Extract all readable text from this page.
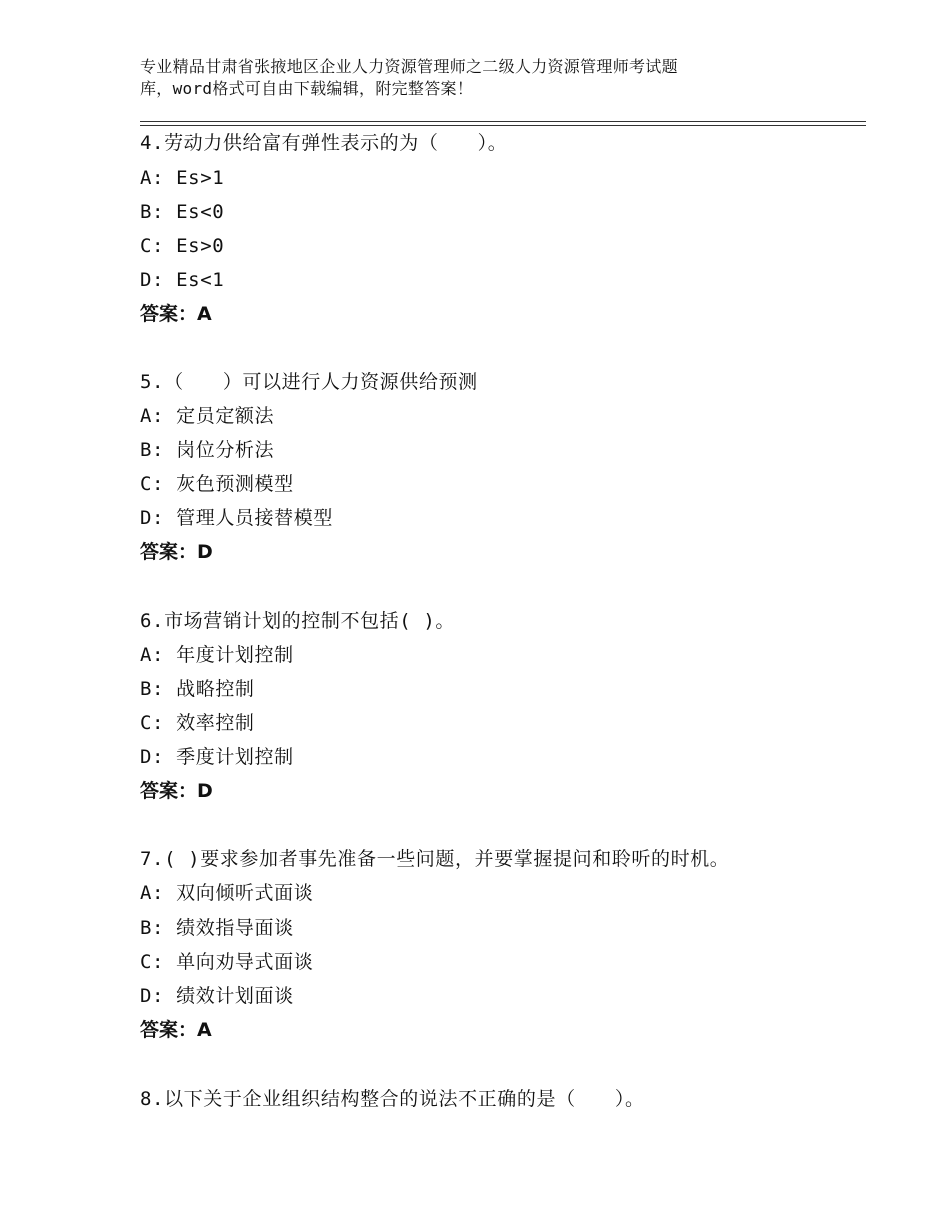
专业精品甘肃省张掖地区企业人力资源管理师之二级人力资源管理师考试题
库，word格式可自由下载编辑，附完整答案！
4.劳动力供给富有弹性表示的为（　　）。
A: Es>1
B: Es<0
C: Es>0
D: Es<1
答案：A
5.（　　）可以进行人力资源供给预测
A: 定员定额法
B: 岗位分析法
C: 灰色预测模型
D: 管理人员接替模型
答案：D
6.市场营销计划的控制不包括( )。
A: 年度计划控制
B: 战略控制
C: 效率控制
D: 季度计划控制
答案：D
7.( )要求参加者事先准备一些问题，并要掌握提问和聆听的时机。
A: 双向倾听式面谈
B: 绩效指导面谈
C: 单向劝导式面谈
D: 绩效计划面谈
答案：A
8.以下关于企业组织结构整合的说法不正确的是（　　）。
